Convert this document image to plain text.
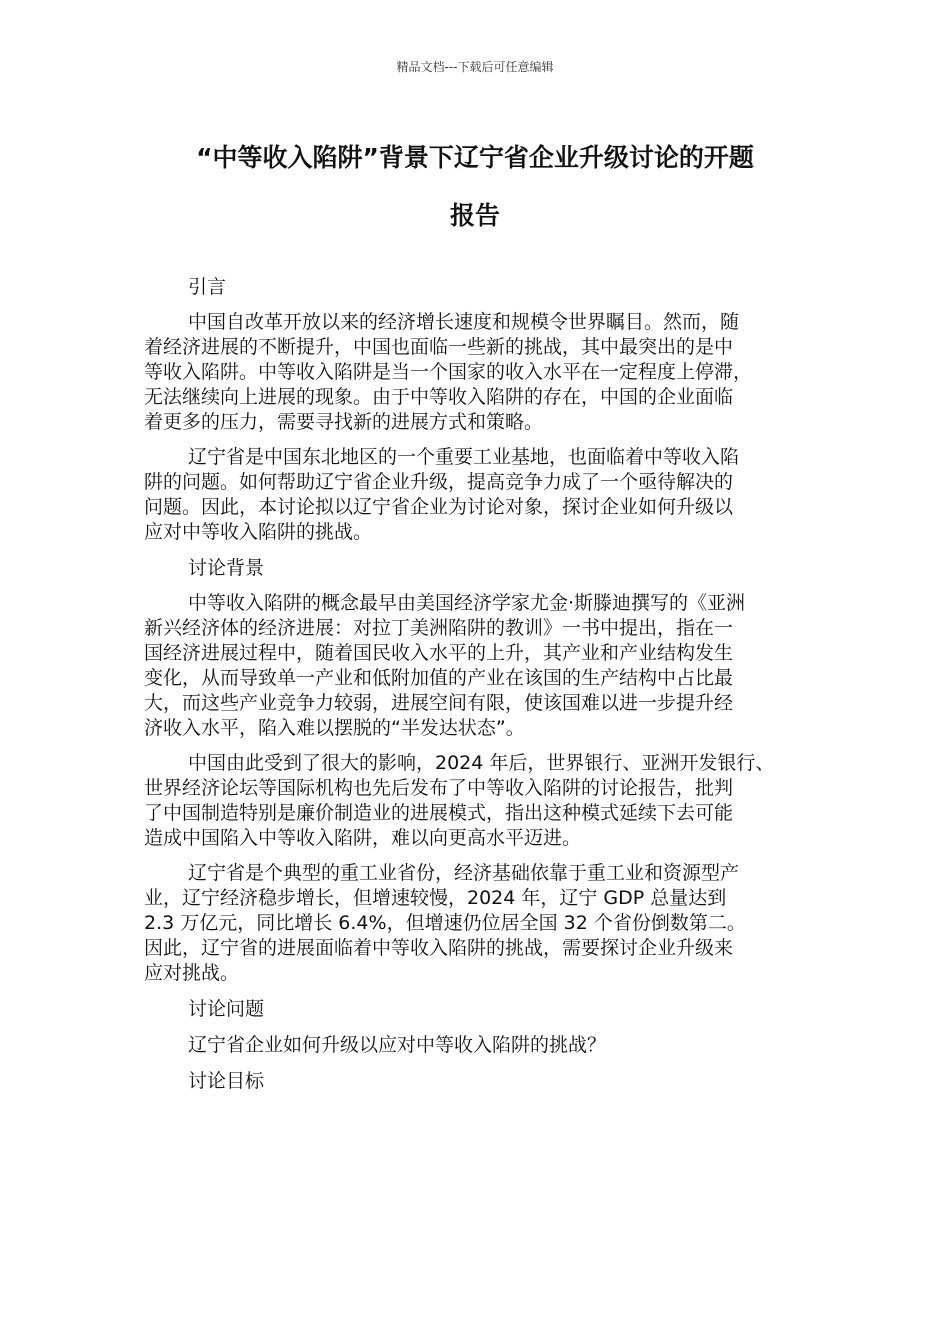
精品文档---下载后可任意编辑
“中等收入陷阱”背景下辽宁省企业升级讨论的开题
报告
引言
中国自改革开放以来的经济增长速度和规模令世界瞩目。然而，随
着经济进展的不断提升，中国也面临一些新的挑战，其中最突出的是中
等收入陷阱。中等收入陷阱是当一个国家的收入水平在一定程度上停滞，
无法继续向上进展的现象。由于中等收入陷阱的存在，中国的企业面临
着更多的压力，需要寻找新的进展方式和策略。
辽宁省是中国东北地区的一个重要工业基地，也面临着中等收入陷
阱的问题。如何帮助辽宁省企业升级，提高竞争力成了一个亟待解决的
问题。因此，本讨论拟以辽宁省企业为讨论对象，探讨企业如何升级以
应对中等收入陷阱的挑战。
讨论背景
中等收入陷阱的概念最早由美国经济学家尤金·斯滕迪撰写的《亚洲
新兴经济体的经济进展：对拉丁美洲陷阱的教训》一书中提出，指在一
国经济进展过程中，随着国民收入水平的上升，其产业和产业结构发生
变化，从而导致单一产业和低附加值的产业在该国的生产结构中占比最
大，而这些产业竞争力较弱，进展空间有限，使该国难以进一步提升经
济收入水平，陷入难以摆脱的“半发达状态”。
中国由此受到了很大的影响，2024 年后，世界银行、亚洲开发银行、
世界经济论坛等国际机构也先后发布了中等收入陷阱的讨论报告，批判
了中国制造特别是廉价制造业的进展模式，指出这种模式延续下去可能
造成中国陷入中等收入陷阱，难以向更高水平迈进。
辽宁省是个典型的重工业省份，经济基础依靠于重工业和资源型产
业，辽宁经济稳步增长，但增速较慢，2024 年，辽宁 GDP 总量达到
2.3 万亿元，同比增长 6.4%，但增速仍位居全国 32 个省份倒数第二。
因此，辽宁省的进展面临着中等收入陷阱的挑战，需要探讨企业升级来
应对挑战。
讨论问题
辽宁省企业如何升级以应对中等收入陷阱的挑战？
讨论目标
